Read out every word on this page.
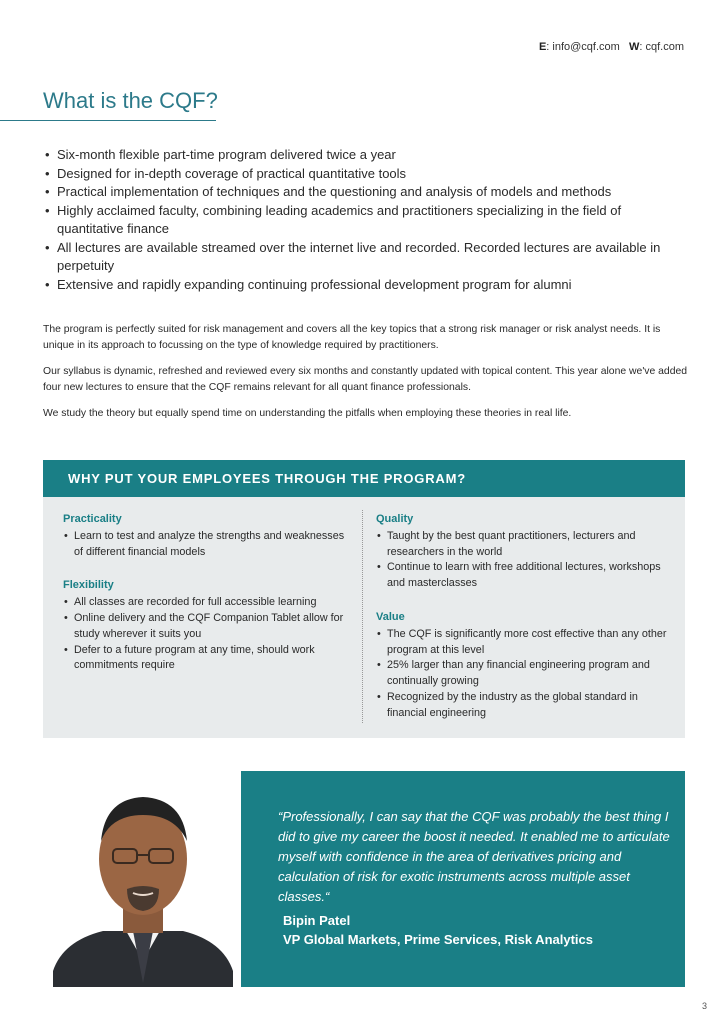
E: info@cqf.com W: cqf.com
What is the CQF?
• Six-month flexible part-time program delivered twice a year
• Designed for in-depth coverage of practical quantitative tools
• Practical implementation of techniques and the questioning and analysis of models and methods
• Highly acclaimed faculty, combining leading academics and practitioners specializing in the field of quantitative finance
• All lectures are available streamed over the internet live and recorded. Recorded lectures are available in perpetuity
• Extensive and rapidly expanding continuing professional development program for alumni

The program is perfectly suited for risk management and covers all the key topics that a strong risk manager or risk analyst needs. It is unique in its approach to focussing on the type of knowledge required by practitioners.

Our syllabus is dynamic, refreshed and reviewed every six months and constantly updated with topical content. This year alone we've added four new lectures to ensure that the CQF remains relevant for all quant finance professionals.

We study the theory but equally spend time on understanding the pitfalls when employing these theories in real life.

WHY PUT YOUR EMPLOYEES THROUGH THE PROGRAM?

Practicality

• Learn to test and analyze the strengths and weaknesses of different financial models

Flexibility

• All classes are recorded for full accessible learning
• Online delivery and the CQF Companion Tablet allow for study wherever it suits you
• Defer to a future program at any time, should work commitments require

Quality

• Taught by the best quant practitioners, lecturers and researchers in the world
• Continue to learn with free additional lectures, workshops and masterclasses

Value

• The CQF is significantly more cost effective than any other program at this level
• 25% larger than any financial engineering program and continually growing
• Recognized by the industry as the global standard in financial engineering

“Professionally, I can say that the CQF was probably the best thing I did to give my career the boost it needed. It enabled me to articulate myself with confidence in the area of derivatives pricing and calculation of risk for exotic instruments across multiple asset classes.“

Bipin Patel
VP Global Markets, Prime Services, Risk Analytics
3
